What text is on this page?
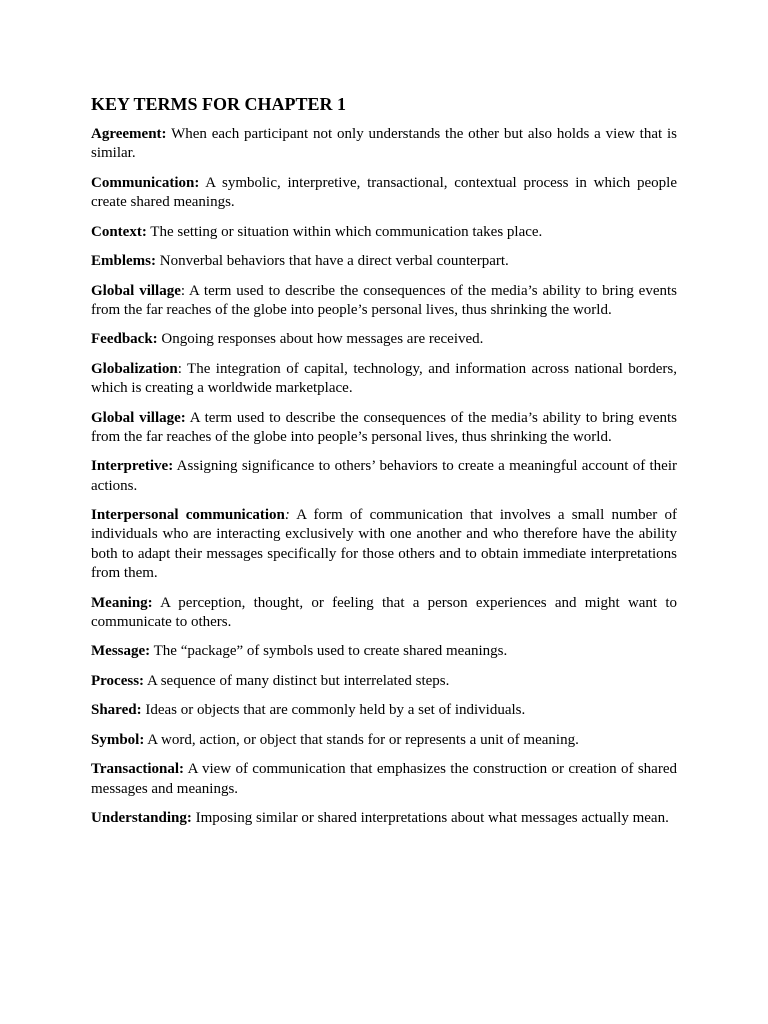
KEY TERMS FOR CHAPTER 1

Agreement: When each participant not only understands the other but also holds a view that is similar.

Communication: A symbolic, interpretive, transactional, contextual process in which people create shared meanings.

Context: The setting or situation within which communication takes place.

Emblems: Nonverbal behaviors that have a direct verbal counterpart.

Global village: A term used to describe the consequences of the media’s ability to bring events from the far reaches of the globe into people’s personal lives, thus shrinking the world.

Feedback: Ongoing responses about how messages are received.

Globalization: The integration of capital, technology, and information across national borders, which is creating a worldwide marketplace.

Global village: A term used to describe the consequences of the media’s ability to bring events from the far reaches of the globe into people’s personal lives, thus shrinking the world.

Interpretive: Assigning significance to others’ behaviors to create a meaningful account of their actions.

Interpersonal communication: A form of communication that involves a small number of individuals who are interacting exclusively with one another and who therefore have the ability both to adapt their messages specifically for those others and to obtain immediate interpretations from them.

Meaning: A perception, thought, or feeling that a person experiences and might want to communicate to others.

Message: The “package” of symbols used to create shared meanings.

Process: A sequence of many distinct but interrelated steps.

Shared: Ideas or objects that are commonly held by a set of individuals.

Symbol: A word, action, or object that stands for or represents a unit of meaning.

Transactional: A view of communication that emphasizes the construction or creation of shared messages and meanings.

Understanding: Imposing similar or shared interpretations about what messages actually mean.
